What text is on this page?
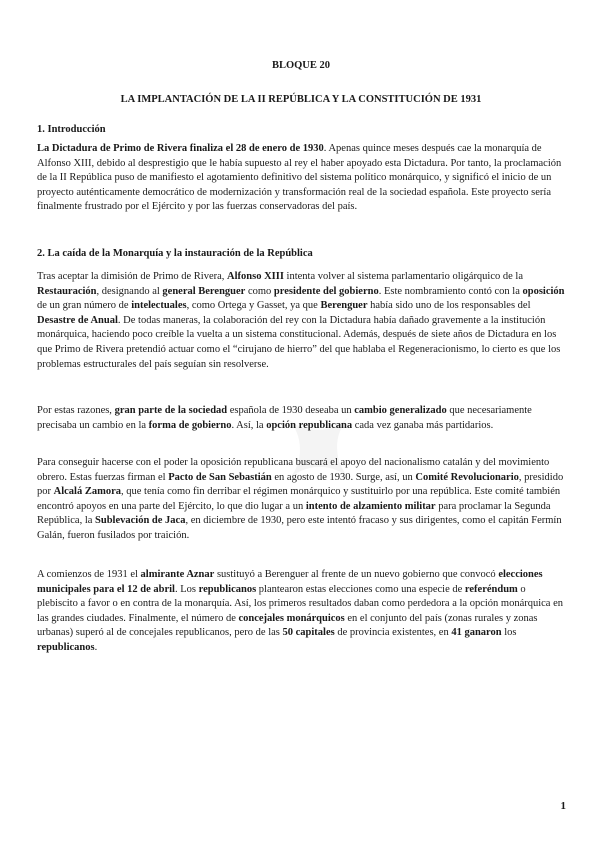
BLOQUE 20
LA IMPLANTACIÓN DE LA II REPÚBLICA Y LA CONSTITUCIÓN DE 1931
1. Introducción
La Dictadura de Primo de Rivera finaliza el 28 de enero de 1930. Apenas quince meses después cae la monarquía de Alfonso XIII, debido al desprestigio que le había supuesto al rey el haber apoyado esta Dictadura. Por tanto, la proclamación de la II República puso de manifiesto el agotamiento definitivo del sistema político monárquico, y significó el inicio de un proyecto auténticamente democrático de modernización y transformación real de la sociedad española. Este proyecto sería finalmente frustrado por el Ejército y por las fuerzas conservadoras del país.
2. La caída de la Monarquía y la instauración de la República
Tras aceptar la dimisión de Primo de Rivera, Alfonso XIII intenta volver al sistema parlamentario oligárquico de la Restauración, designando al general Berenguer como presidente del gobierno. Este nombramiento contó con la oposición de un gran número de intelectuales, como Ortega y Gasset, ya que Berenguer había sido uno de los responsables del Desastre de Anual. De todas maneras, la colaboración del rey con la Dictadura había dañado gravemente a la institución monárquica, haciendo poco creíble la vuelta a un sistema constitucional. Además, después de siete años de Dictadura en los que Primo de Rivera pretendió actuar como el “cirujano de hierro” del que hablaba el Regeneracionismo, lo cierto es que los problemas estructurales del país seguían sin resolverse.
Por estas razones, gran parte de la sociedad española de 1930 deseaba un cambio generalizado que necesariamente precisaba un cambio en la forma de gobierno. Así, la opción republicana cada vez ganaba más partidarios.
Para conseguir hacerse con el poder la oposición republicana buscará el apoyo del nacionalismo catalán y del movimiento obrero. Estas fuerzas firman el Pacto de San Sebastián en agosto de 1930. Surge, así, un Comité Revolucionario, presidido por Alcalá Zamora, que tenía como fin derribar el régimen monárquico y sustituirlo por una república. Este comité también encontró apoyos en una parte del Ejército, lo que dio lugar a un intento de alzamiento militar para proclamar la Segunda República, la Sublevación de Jaca, en diciembre de 1930, pero este intentó fracaso y sus dirigentes, como el capitán Fermín Galán, fueron fusilados por traición.
A comienzos de 1931 el almirante Aznar sustituyó a Berenguer al frente de un nuevo gobierno que convocó elecciones municipales para el 12 de abril. Los republicanos plantearon estas elecciones como una especie de referéndum o plebiscito a favor o en contra de la monarquía. Así, los primeros resultados daban como perdedora a la opción monárquica en las grandes ciudades. Finalmente, el número de concejales monárquicos en el conjunto del país (zonas rurales y zonas urbanas) superó al de concejales republicanos, pero de las 50 capitales de provincia existentes, en 41 ganaron los republicanos.
1
